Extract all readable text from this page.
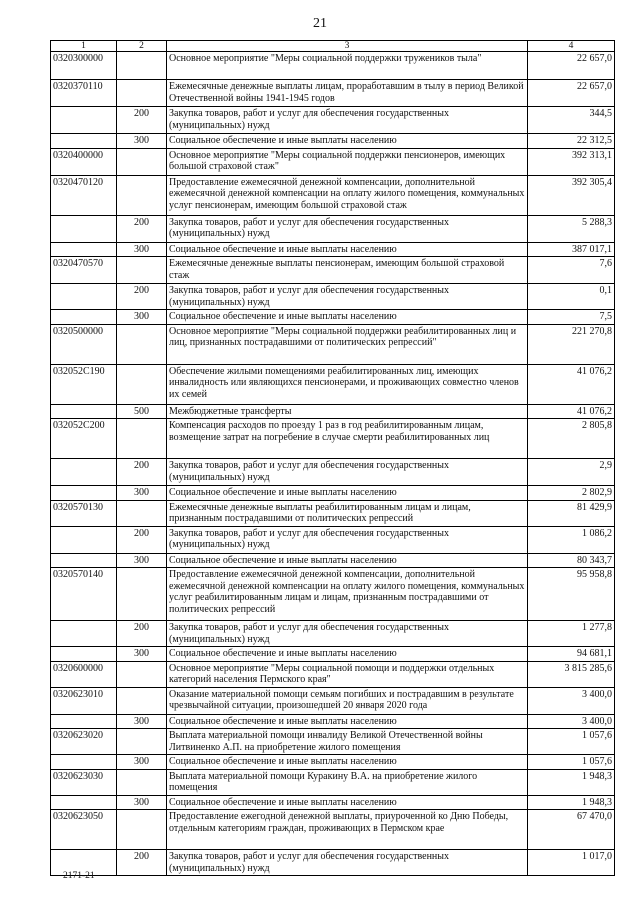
21
1	2	3	4
0320300000		Основное мероприятие "Меры социальной поддержки тружеников тыла"	22 657,0
0320370110		Ежемесячные денежные выплаты лицам, проработавшим в тылу в период Великой Отечественной войны 1941-1945 годов	22 657,0
	200	Закупка товаров, работ и услуг для обеспечения государственных (муниципальных) нужд	344,5
	300	Социальное обеспечение и иные выплаты населению	22 312,5
0320400000		Основное мероприятие "Меры социальной поддержки пенсионеров, имеющих большой страховой стаж"	392 313,1
0320470120		Предоставление ежемесячной денежной компенсации, дополнительной ежемесячной денежной компенсации на оплату жилого помещения, коммунальных услуг пенсионерам, имеющим большой страховой стаж	392 305,4
	200	Закупка товаров, работ и услуг для обеспечения государственных (муниципальных) нужд	5 288,3
	300	Социальное обеспечение и иные выплаты населению	387 017,1
0320470570		Ежемесячные денежные выплаты пенсионерам, имеющим большой страховой стаж	7,6
	200	Закупка товаров, работ и услуг для обеспечения государственных (муниципальных) нужд	0,1
	300	Социальное обеспечение и иные выплаты населению	7,5
0320500000		Основное мероприятие "Меры социальной поддержки реабилитированных лиц и лиц, признанных пострадавшими от политических репрессий"	221 270,8
032052С190		Обеспечение жилыми помещениями реабилитированных лиц, имеющих инвалидность или являющихся пенсионерами, и проживающих совместно членов их семей	41 076,2
	500	Межбюджетные трансферты	41 076,2
032052С200		Компенсация расходов по проезду 1 раз в год реабилитированным лицам, возмещение затрат на погребение в случае смерти реабилитированных лиц	2 805,8
	200	Закупка товаров, работ и услуг для обеспечения государственных (муниципальных) нужд	2,9
	300	Социальное обеспечение и иные выплаты населению	2 802,9
0320570130		Ежемесячные денежные выплаты реабилитированным лицам и лицам, признанным пострадавшими от политических репрессий	81 429,9
	200	Закупка товаров, работ и услуг для обеспечения государственных (муниципальных) нужд	1 086,2
	300	Социальное обеспечение и иные выплаты населению	80 343,7
0320570140		Предоставление ежемесячной денежной компенсации, дополнительной ежемесячной денежной компенсации на оплату жилого помещения, коммунальных услуг реабилитированным лицам и лицам, признанным пострадавшими от политических репрессий	95 958,8
	200	Закупка товаров, работ и услуг для обеспечения государственных (муниципальных) нужд	1 277,8
	300	Социальное обеспечение и иные выплаты населению	94 681,1
0320600000		Основное мероприятие "Меры социальной помощи и поддержки отдельных категорий населения Пермского края"	3 815 285,6
0320623010		Оказание материальной помощи семьям погибших и пострадавшим в результате чрезвычайной ситуации, произошедшей 20 января 2020 года	3 400,0
	300	Социальное обеспечение и иные выплаты населению	3 400,0
0320623020		Выплата материальной помощи инвалиду Великой Отечественной войны Литвиненко А.П. на приобретение жилого помещения	1 057,6
	300	Социальное обеспечение и иные выплаты населению	1 057,6
0320623030		Выплата материальной помощи Куракину В.А. на приобретение жилого помещения	1 948,3
	300	Социальное обеспечение и иные выплаты населению	1 948,3
0320623050		Предоставление ежегодной денежной выплаты, приуроченной ко Дню Победы, отдельным категориям граждан, проживающих в Пермском крае	67 470,0
	200	Закупка товаров, работ и услуг для обеспечения государственных (муниципальных) нужд	1 017,0
2171-21
